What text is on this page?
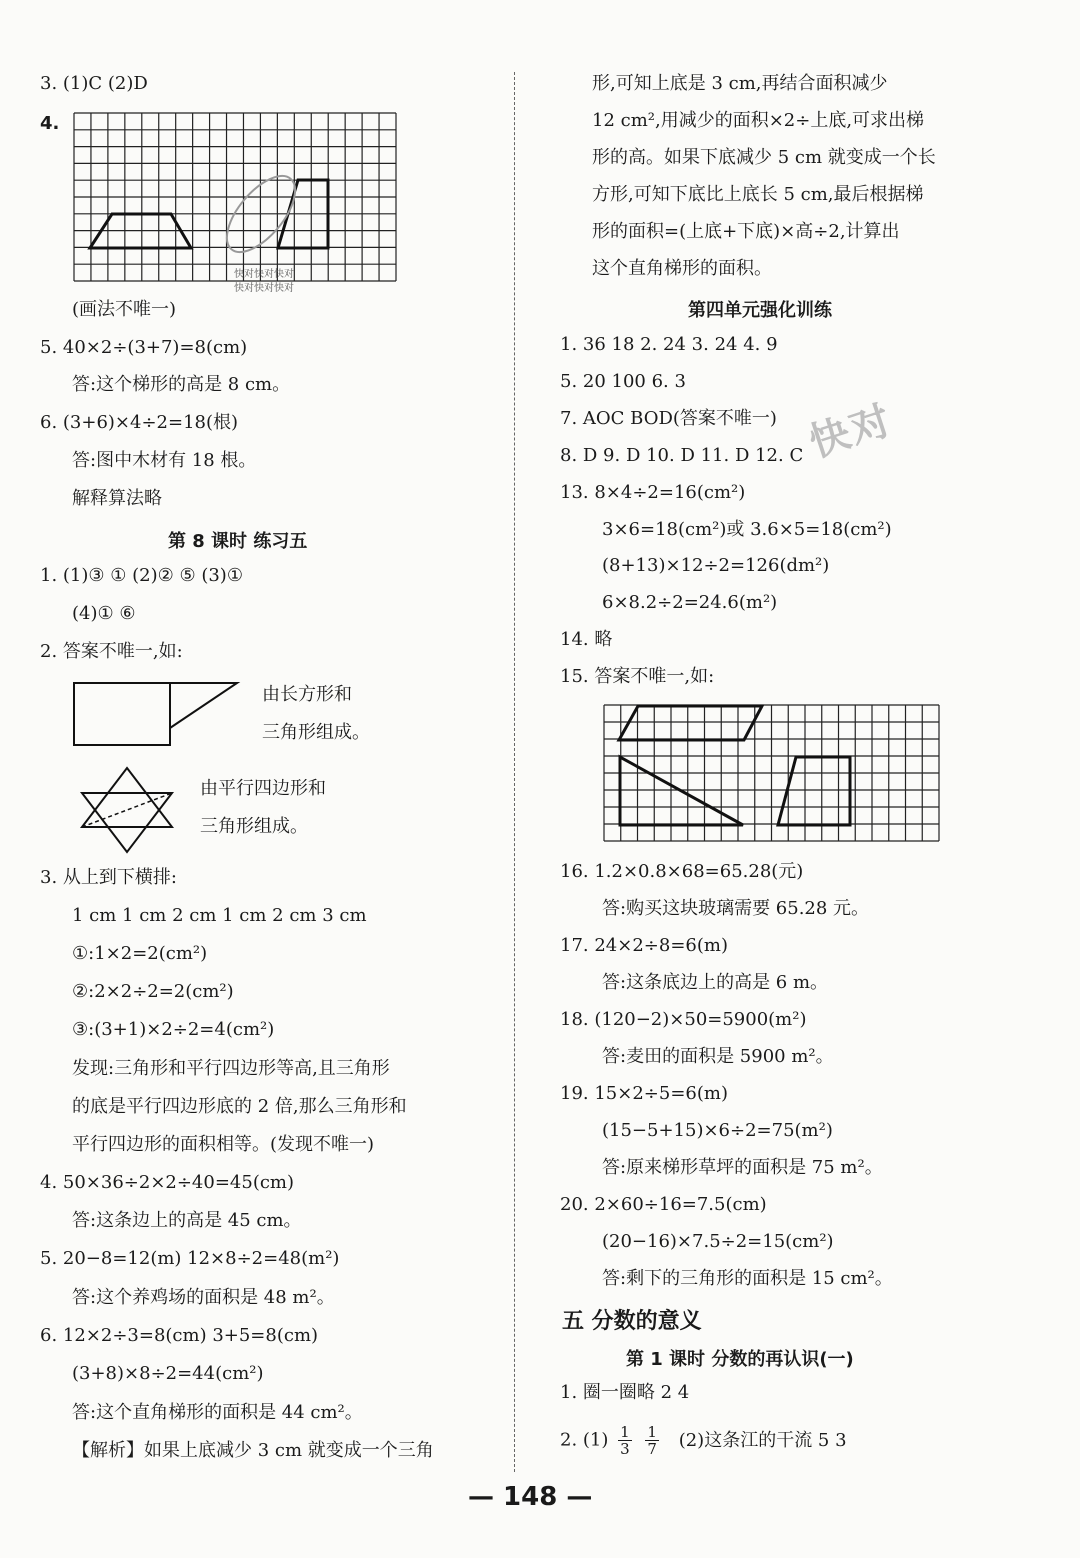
3. (1)C (2)D
4.
快对快对快对
快对快对快对
(画法不唯一)
5. 40×2÷(3+7)=8(cm)
答:这个梯形的高是 8 cm。
6. (3+6)×4÷2=18(根)
答:图中木材有 18 根。
解释算法略
第 8 课时 练习五
1. (1)③ ① (2)② ⑤ (3)①
(4)① ⑥
2. 答案不唯一,如:
由长方形和
三角形组成。
由平行四边形和
三角形组成。
3. 从上到下横排:
1 cm 1 cm 2 cm 1 cm 2 cm 3 cm
①:1×2=2(cm²)
②:2×2÷2=2(cm²)
③:(3+1)×2÷2=4(cm²)
发现:三角形和平行四边形等高,且三角形
的底是平行四边形底的 2 倍,那么三角形和
平行四边形的面积相等。(发现不唯一)
4. 50×36÷2×2÷40=45(cm)
答:这条边上的高是 45 cm。
5. 20−8=12(m) 12×8÷2=48(m²)
答:这个养鸡场的面积是 48 m²。
6. 12×2÷3=8(cm) 3+5=8(cm)
(3+8)×8÷2=44(cm²)
答:这个直角梯形的面积是 44 cm²。
【解析】如果上底减少 3 cm 就变成一个三角
形,可知上底是 3 cm,再结合面积减少
12 cm²,用减少的面积×2÷上底,可求出梯
形的高。如果下底减少 5 cm 就变成一个长
方形,可知下底比上底长 5 cm,最后根据梯
形的面积=(上底+下底)×高÷2,计算出
这个直角梯形的面积。
第四单元强化训练
1. 36 18 2. 24 3. 24 4. 9
5. 20 100 6. 3
7. AOC BOD(答案不唯一)
8. D 9. D 10. D 11. D 12. C
13. 8×4÷2=16(cm²)
3×6=18(cm²)或 3.6×5=18(cm²)
(8+13)×12÷2=126(dm²)
6×8.2÷2=24.6(m²)
14. 略
15. 答案不唯一,如:
16. 1.2×0.8×68=65.28(元)
答:购买这块玻璃需要 65.28 元。
17. 24×2÷8=6(m)
答:这条底边上的高是 6 m。
18. (120−2)×50=5900(m²)
答:麦田的面积是 5900 m²。
19. 15×2÷5=6(m)
(15−5+15)×6÷2=75(m²)
答:原来梯形草坪的面积是 75 m²。
20. 2×60÷16=7.5(cm)
(20−16)×7.5÷2=15(cm²)
答:剩下的三角形的面积是 15 cm²。
五 分数的意义
第 1 课时 分数的再认识(一)
1. 圈一圈略 2 4
2. $(1) \frac{1}{3}$
$\frac{1}{7} (2)$这条江的干流 5 3
快对
— 148 —
